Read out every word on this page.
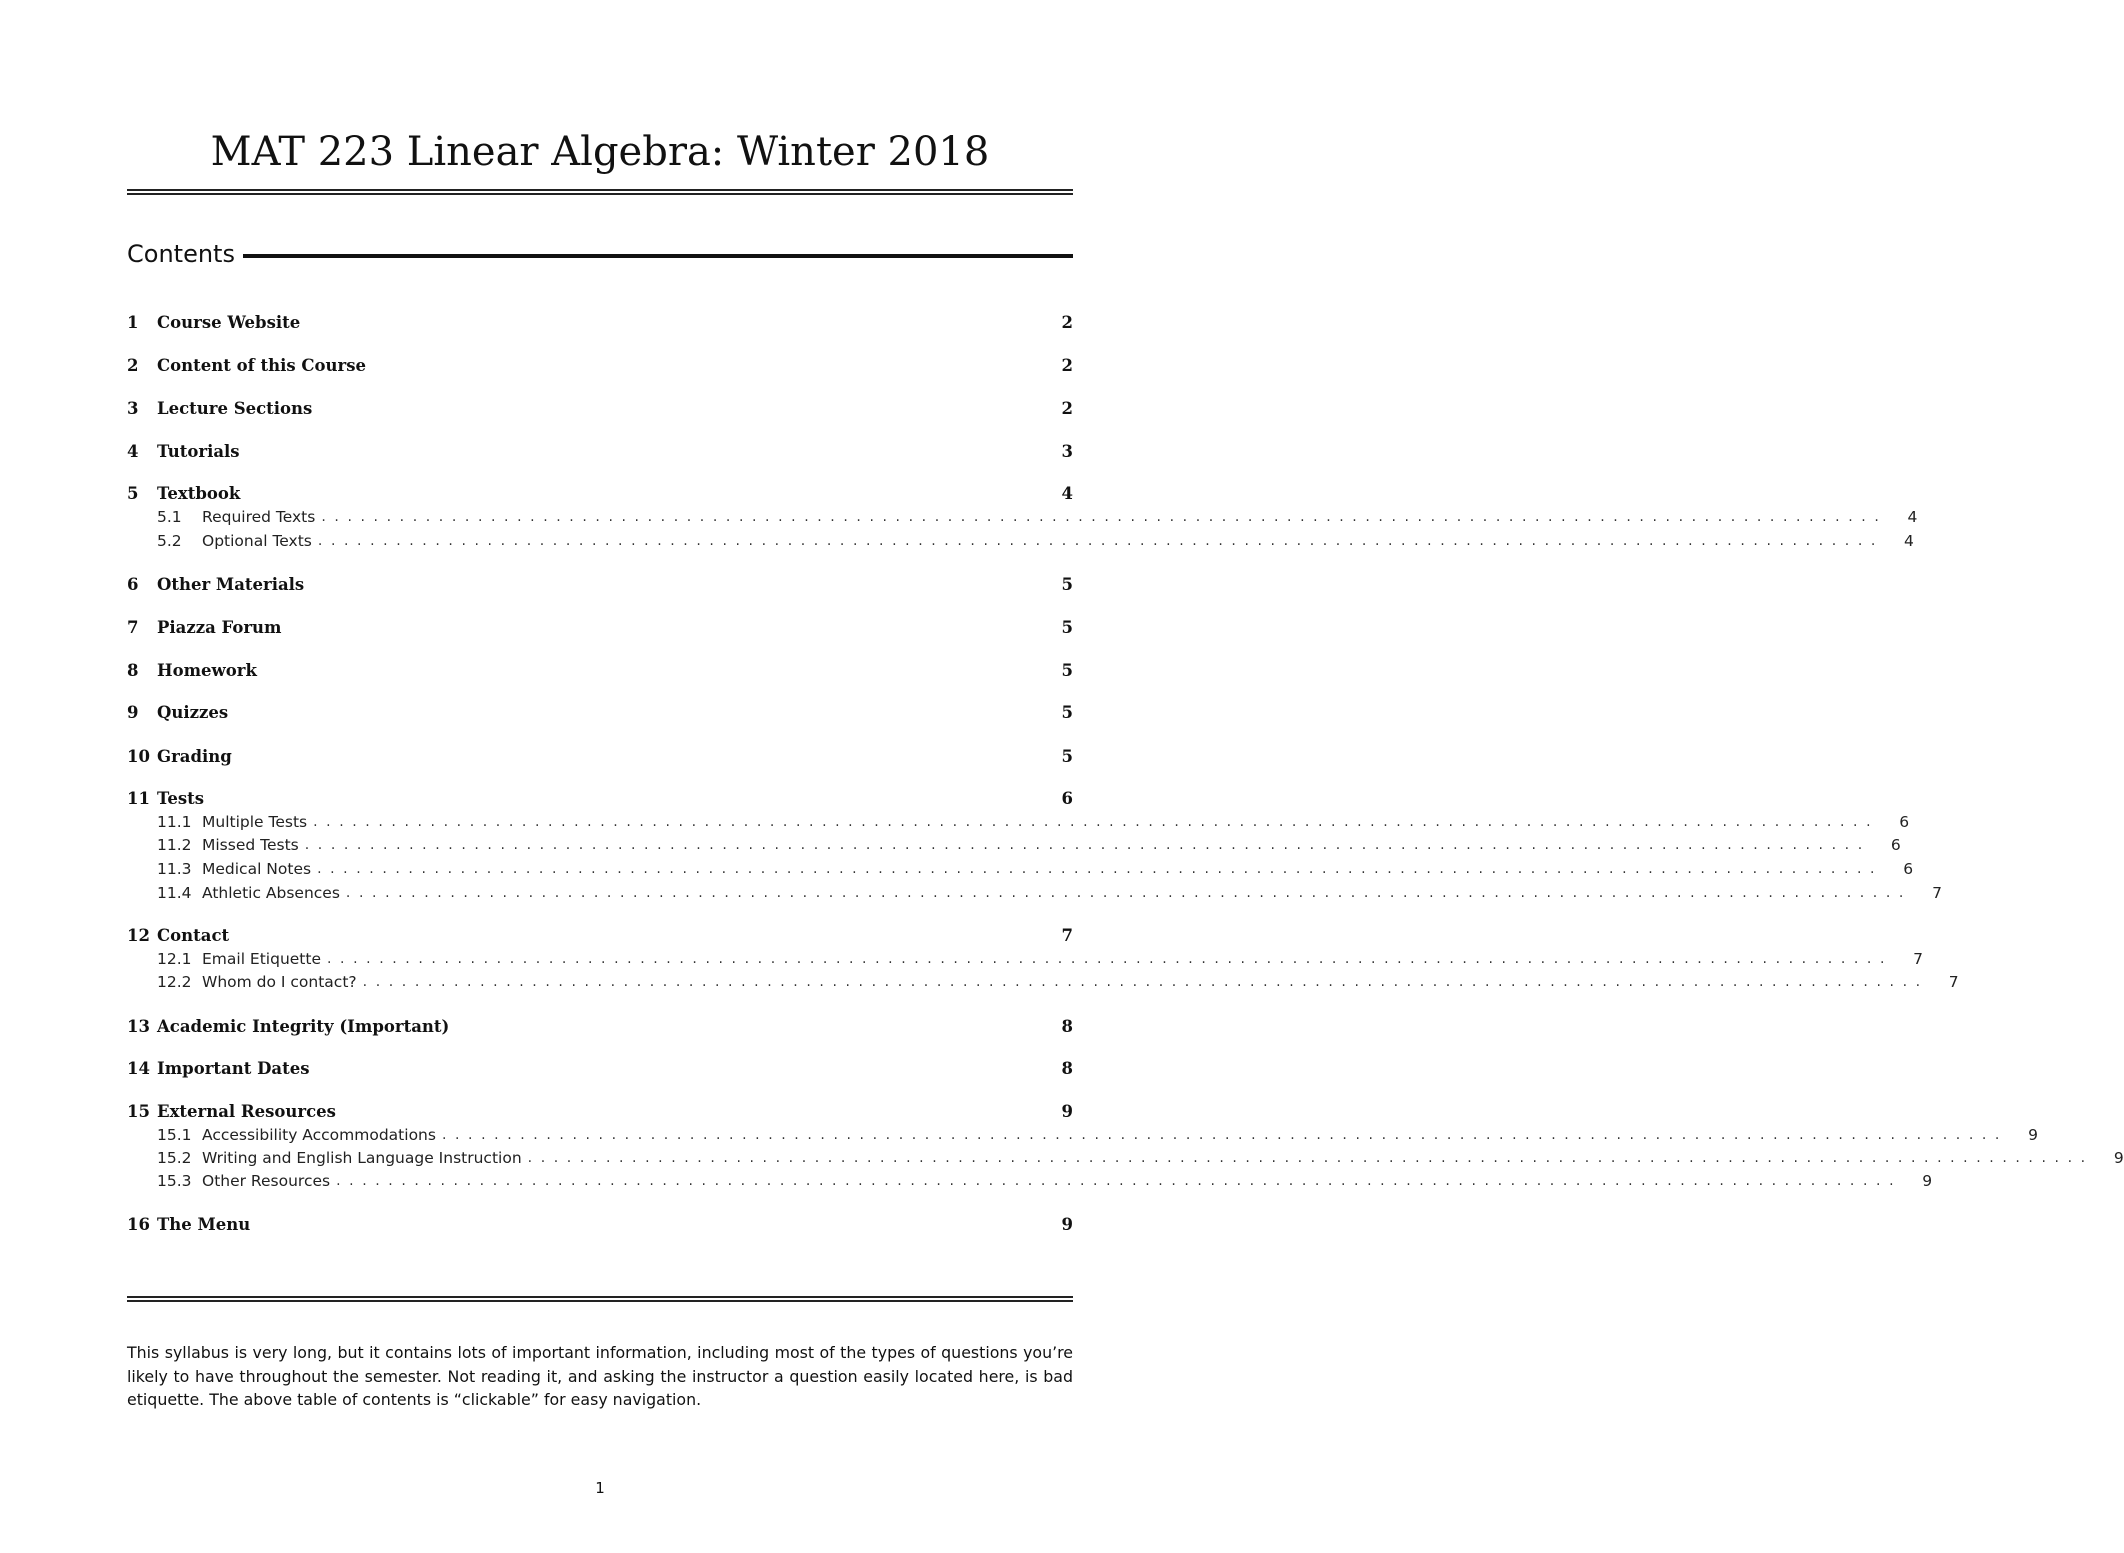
MAT 223 Linear Algebra: Winter 2018
Contents
1	Course Website	2
2	Content of this Course	2
3	Lecture Sections	2
4	Tutorials	3
5	Textbook	4
5.1	Required Texts ........................................................................................................................	4
5.2	Optional Texts ........................................................................................................................	4
6	Other Materials	5
7	Piazza Forum	5
8	Homework	5
9	Quizzes	5
10 Grading	5
11 Tests	6
11.1 Multiple Tests ........................................................................................................................	6
11.2 Missed Tests ........................................................................................................................	6
11.3 Medical Notes ........................................................................................................................	6
11.4 Athletic Absences ........................................................................................................................	7
12 Contact	7
12.1 Email Etiquette ........................................................................................................................	7
12.2 Whom do I contact? ........................................................................................................................	7
13 Academic Integrity (Important)	8
14 Important Dates	8
15 External Resources	9
15.1 Accessibility Accommodations ........................................................................................................................	9
15.2 Writing and English Language Instruction ........................................................................................................................	9
15.3 Other Resources ........................................................................................................................	9
16 The Menu	9

This syllabus is very long, but it contains lots of important information, including most of the types of questions you’re likely to have throughout the semester. Not reading it, and asking the instructor a question easily located here, is bad etiquette. The above table of contents is “clickable” for easy navigation.

1
